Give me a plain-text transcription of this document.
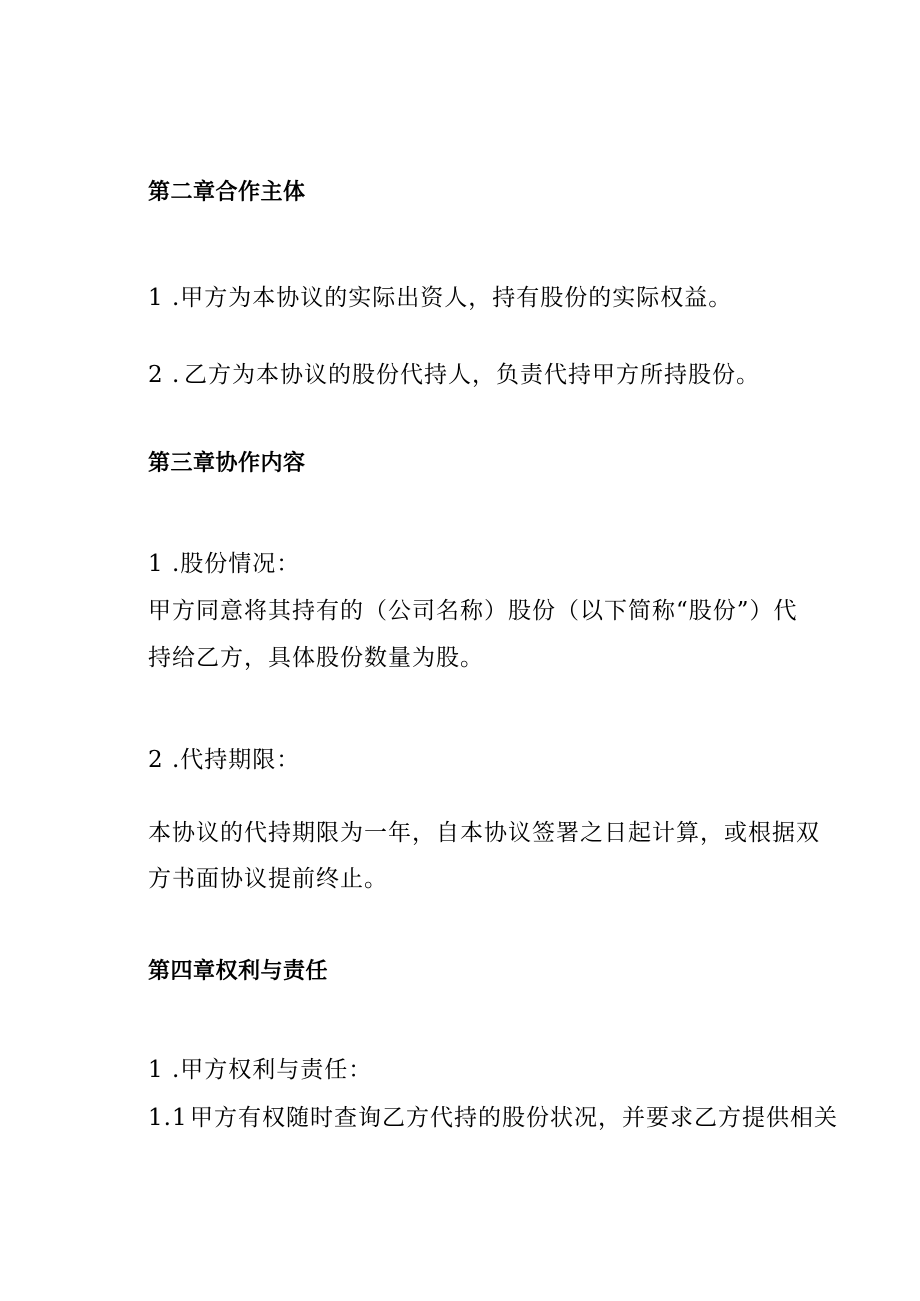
第二章合作主体
1 .甲方为本协议的实际出资人，持有股份的实际权益。
2 . 乙方为本协议的股份代持人，负责代持甲方所持股份。
第三章协作内容
1 .股份情况：
甲方同意将其持有的（公司名称）股份（以下简称“股份”）代
持给乙方，具体股份数量为股。
2 .代持期限：
本协议的代持期限为一年，自本协议签署之日起计算，或根据双
方书面协议提前终止。
第四章权利与责任
1 .甲方权利与责任：
1.1 甲方有权随时查询乙方代持的股份状况，并要求乙方提供相关
